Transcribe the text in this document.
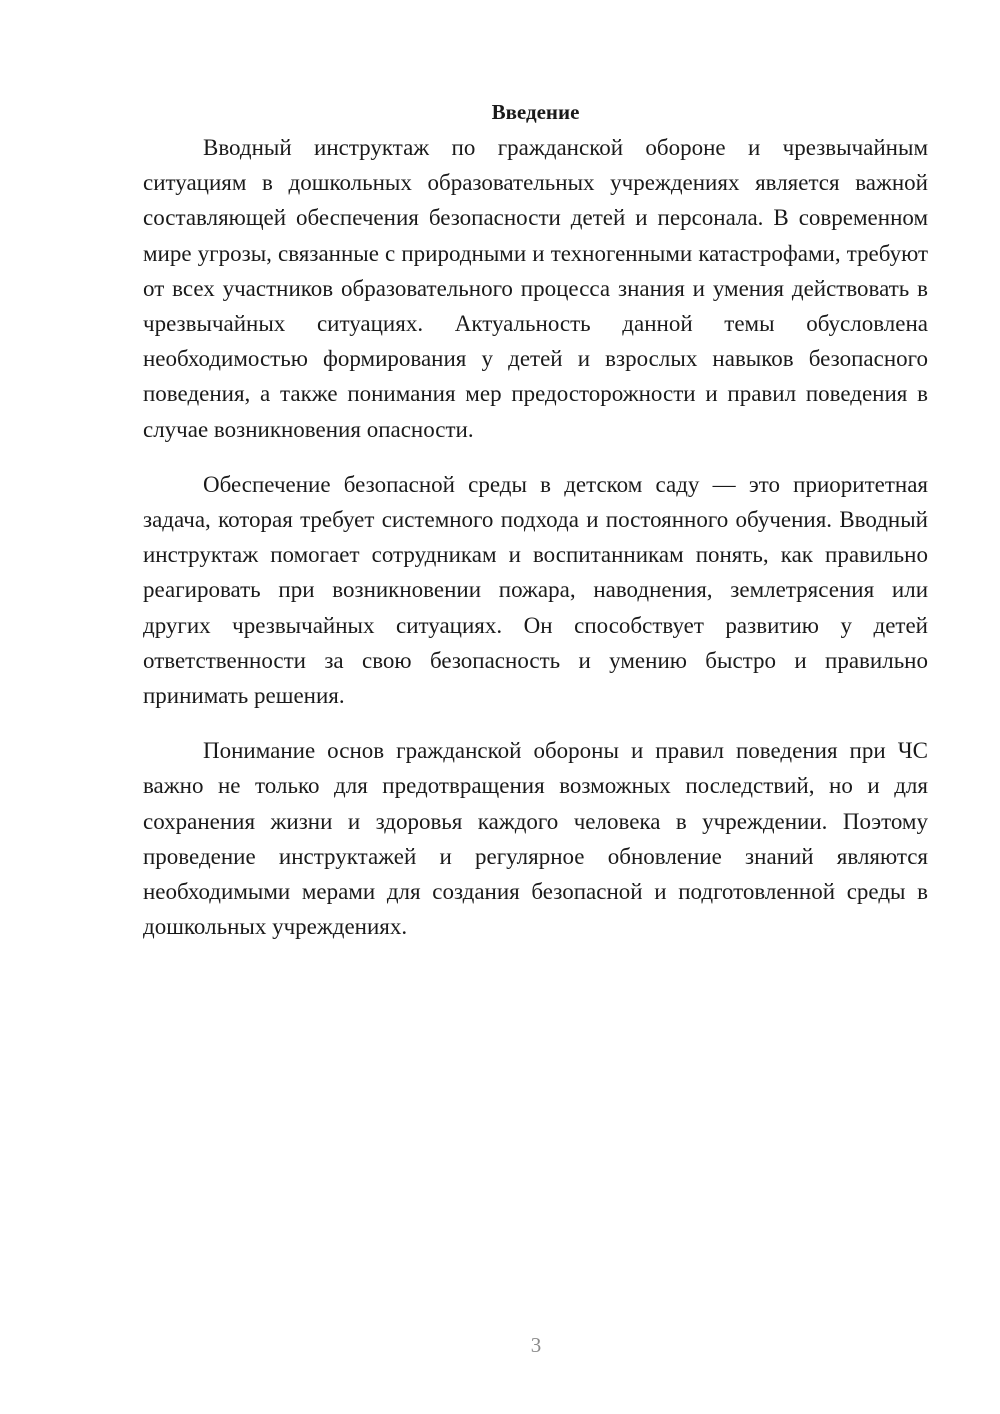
Введение

Вводный инструктаж по гражданской обороне и чрезвычайным ситуациям в дошкольных образовательных учреждениях является важной составляющей обеспечения безопасности детей и персонала. В современном мире угрозы, связанные с природными и техногенными катастрофами, требуют от всех участников образовательного процесса знания и умения действовать в чрезвычайных ситуациях. Актуальность данной темы обусловлена необходимостью формирования у детей и взрослых навыков безопасного поведения, а также понимания мер предосторожности и правил поведения в случае возникновения опасности.

Обеспечение безопасной среды в детском саду — это приоритетная задача, которая требует системного подхода и постоянного обучения. Вводный инструктаж помогает сотрудникам и воспитанникам понять, как правильно реагировать при возникновении пожара, наводнения, землетрясения или других чрезвычайных ситуациях. Он способствует развитию у детей ответственности за свою безопасность и умению быстро и правильно принимать решения.

Понимание основ гражданской обороны и правил поведения при ЧС важно не только для предотвращения возможных последствий, но и для сохранения жизни и здоровья каждого человека в учреждении. Поэтому проведение инструктажей и регулярное обновление знаний являются необходимыми мерами для создания безопасной и подготовленной среды в дошкольных учреждениях.

3
